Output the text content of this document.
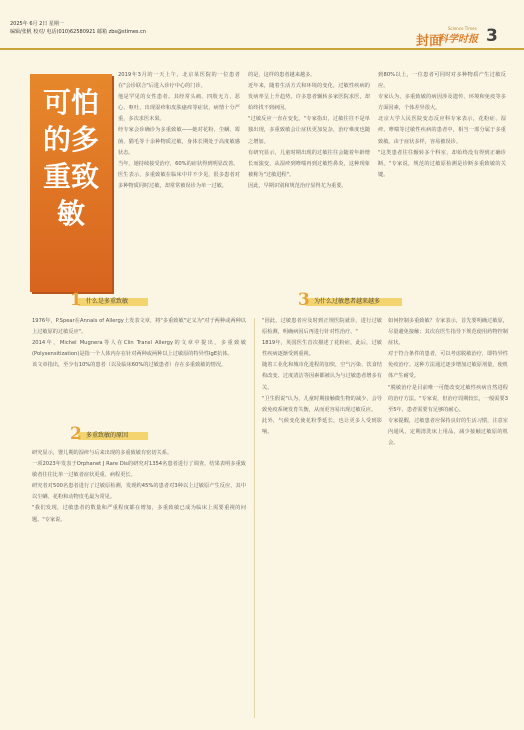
2025年 6月 2日 星期一
编辑/张帆 校对/ 电话(010)62580921 邮箱 zbs@stimes.cn
封面
Science Times
科学时报 3
可怕的多重致敏
2019年3月的一天上午，北京某医院的一位患者在"会诊联合"后进入诊疗中心的门诊。
他是罕见的女性患者。其经常头痛、四肢无力、恶心、呕吐，出现湿疹和皮肤瘙痒等症状，病情十分严重，多次求医未果。
经专家会诊确诊为多重致敏——她对花粉、尘螨、霉菌、猫毛等十余种物质过敏，身体长期处于高度敏感状态。
当年，她持续接受治疗，60%的症状得到明显改善。
医生表示，多重致敏在临床中并不少见，很多患者对多种物质同时过敏，却常常被误诊为单一过敏。
的是，这样的患者越来越多。
近年来，随着生活方式和环境的变化，过敏性疾病的发病率呈上升趋势。许多患者辗转多家医院求医，却始终找不到病因。
"过敏反应一直在变化。"专家指出，过敏往往不是单独出现，多重致敏会让症状更加复杂，治疗难度也随之增加。
有研究显示，儿童时期出现的过敏往往会随着年龄增长而演变，从湿疹到哮喘再到过敏性鼻炎，这种现象被称为"过敏进程"。
因此，早期识别和规范治疗显得尤为重要。
到80%以上，一位患者可同时对多种物质产生过敏反应。
专家认为，多重致敏的病因涉及遗传、环境和免疫等多方面因素，个体差异很大。
北京大学人民医院变态反应科专家表示，花粉症、湿疹、哮喘等过敏性疾病的患者中，相当一部分属于多重致敏。由于症状多样，容易被误诊。
"这类患者往往辗转多个科室，却始终没有得到正确诊断。"专家说，规范的过敏原检测是诊断多重致敏的关键。
1 什么是多重致敏
1976年，P.Spear在Annals of Allergy上发表文章，将"多重致敏"定义为"对于两种或两种以上过敏原的过敏反应"。
2014年，Michel Mugnera等人在Clin Transl Allergy的文章中提出，多重致敏(Polysensitization)是指一个人体内存在针对两种或两种以上过敏原的特异性IgE抗体。
该文章指出，至少有10%的患者（以及临床60%的过敏患者）存在多重致敏的情况。
2 多重致敏的原因
研究显示，婴儿期的湿疹与后来出现的多重致敏有密切关系。
一项2023年发表于Orphanet J Rare Dis的研究对1354名患者进行了调查，结果表明多重致敏者往往比单一过敏者症状更重、病程更长。
研究者对500名患者进行了过敏原检测，发现约45%的患者对3种以上过敏原产生反应，其中以尘螨、花粉和动物皮毛最为常见。
"我们发现，过敏患者的数量和严重程度都在增加，多重致敏已成为临床上需要重视的问题。"专家说。
3 为什么过敏患者越来越多
"因此，过敏患者应及时到正规医院就诊，进行过敏原检测，明确病因后再进行针对性治疗。"
1819年，英国医生首次描述了花粉症，此后，过敏性疾病逐渐受到重视。
随着工业化和城市化进程的加快，空气污染、饮食结构改变、过度清洁等因素都被认为与过敏患者增多有关。
"卫生假说"认为，儿童时期接触微生物的减少，会导致免疫系统发育失衡，从而更容易出现过敏反应。
此外，气候变化使花粉季延长，也让更多人受到影响。
如何控制多重致敏？专家表示，首先要明确过敏原，尽量避免接触；其次在医生指导下规范使用药物控制症状。
对于符合条件的患者，可以考虑脱敏治疗，即特异性免疫治疗。这种方法通过逐步增加过敏原剂量，使机体产生耐受。
"脱敏治疗是目前唯一可能改变过敏性疾病自然进程的治疗方法。"专家说，但治疗周期较长，一般需要3至5年，患者需要有足够的耐心。
专家提醒，过敏患者应保持良好的生活习惯，注意室内通风，定期清洗床上用品，减少接触过敏原的机会。
